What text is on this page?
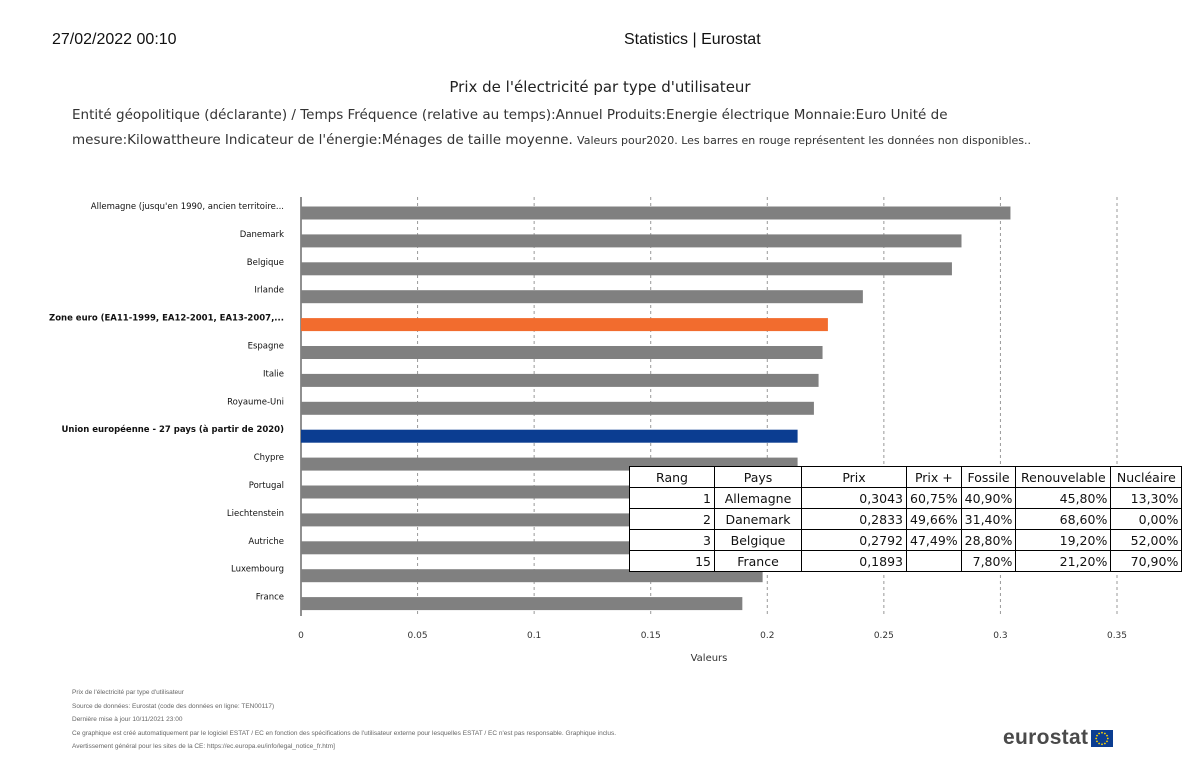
27/02/2022 00:10	Statistics | Eurostat
Prix de l'électricité par type d'utilisateur
Entité géopolitique (déclarante) / Temps Fréquence (relative au temps):Annuel Produits:Energie électrique Monnaie:Euro Unité de
mesure:Kilowattheure Indicateur de l'énergie:Ménages de taille moyenne. Valeurs pour2020. Les barres en rouge représentent les données non disponibles..
0	0.05	0.1	0.15	0.2	0.25	0.3	0.35
Allemagne (jusqu'en 1990, ancien territoire...
Danemark
Belgique
Irlande
Zone euro (EA11-1999, EA12-2001, EA13-2007,...
Espagne
Italie
Royaume-Uni
Union européenne - 27 pays (à partir de 2020)
Chypre
Portugal
Liechtenstein
Autriche
Luxembourg
France
Valeurs
Rang	Pays	Prix	Prix +	Fossile	Renouvelable	Nucléaire
1	Allemagne	0,3043	60,75%	40,90%	45,80%	13,30%
2	Danemark	0,2833	49,66%	31,40%	68,60%	0,00%
3	Belgique	0,2792	47,49%	28,80%	19,20%	52,00%
15	France	0,1893		7,80%	21,20%	70,90%
Prix de l'électricité par type d'utilisateur
Source de données: Eurostat (code des données en ligne: TEN00117)
Dernière mise à jour 10/11/2021 23:00
Ce graphique est créé automatiquement par le logiciel ESTAT / EC en fonction des spécifications de l'utilisateur externe pour lesquelles ESTAT / EC n'est pas responsable. Graphique inclus.
Avertissement général pour les sites de la CE: https://ec.europa.eu/info/legal_notice_fr.htm]	eurostat
